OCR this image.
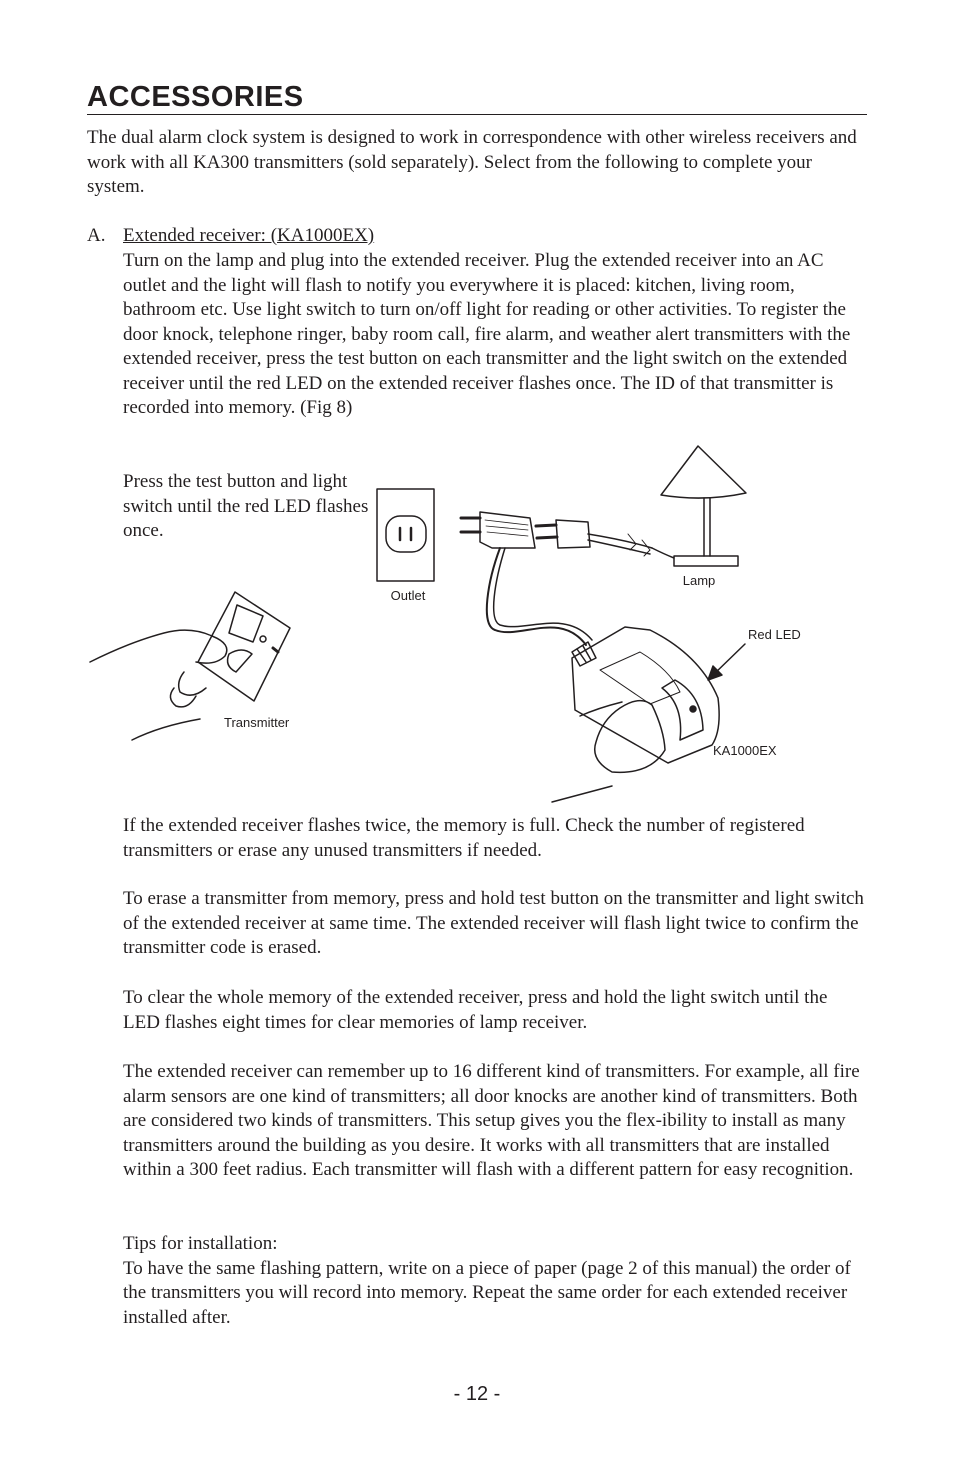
ACCESSORIES

The dual alarm clock system is designed to work in correspondence with other wireless receivers and work with all KA300 transmitters (sold separately). Select from the following to complete your system.

A. Extended receiver: (KA1000EX)

Turn on the lamp and plug into the extended receiver. Plug the extended receiver into an AC outlet and the light will flash to notify you everywhere it is placed: kitchen, living room, bathroom etc. Use light switch to turn on/off light for reading or other activities. To register the door knock, telephone ringer, baby room call, fire alarm, and weather alert transmitters with the extended receiver, press the test button on each transmitter and the light switch on the extended receiver until the red LED on the extended receiver flashes once. The ID of that transmitter is recorded into memory. (Fig 8)

Press the test button and light switch until the red LED flashes once.

Outlet
Lamp
Red LED
Transmitter
KA1000EX

If the extended receiver flashes twice, the memory is full. Check the number of registered transmitters or erase any unused transmitters if needed.

To erase a transmitter from memory, press and hold test button on the transmitter and light switch of the extended receiver at same time. The extended receiver will flash light twice to confirm the transmitter code is erased.

To clear the whole memory of the extended receiver, press and hold the light switch until the LED flashes eight times for clear memories of lamp receiver.

The extended receiver can remember up to 16 different kind of transmitters. For example, all fire alarm sensors are one kind of transmitters; all door knocks are another kind of transmitters. Both are considered two kinds of transmitters. This setup gives you the flex-ibility to install as many transmitters around the building as you desire. It works with all transmitters that are installed within a 300 feet radius. Each transmitter will flash with a different pattern for easy recognition.

Tips for installation:
To have the same flashing pattern, write on a piece of paper (page 2 of this manual) the order of the transmitters you will record into memory. Repeat the same order for each extended receiver installed after.
- 12 -
